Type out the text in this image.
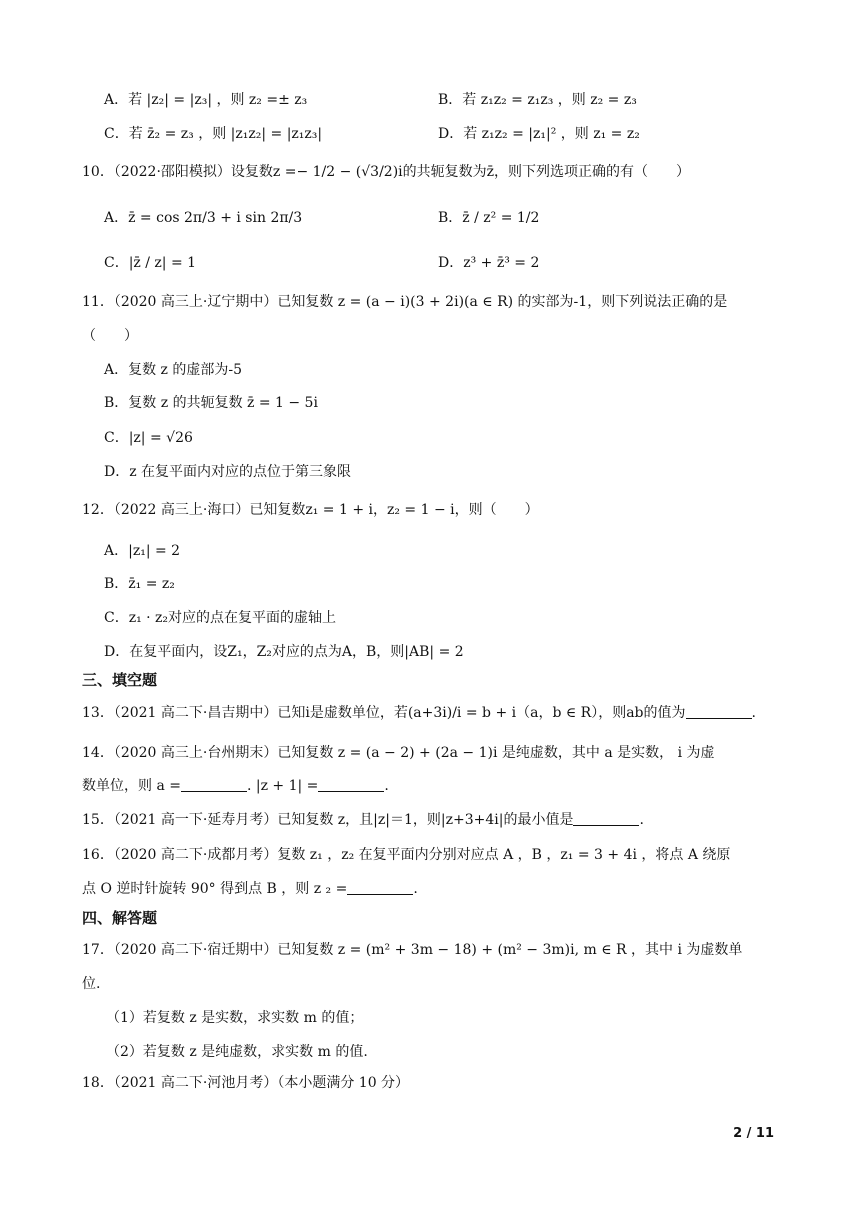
A．若 |z₂| = |z₃| ，则 z₂ =± z₃	B．若 z₁z₂ = z₁z₃ ，则 z₂ = z₃
C．若 z̄₂ = z₃ ，则 |z₁z₂| = |z₁z₃|	D．若 z₁z₂ = |z₁|² ，则 z₁ = z₂
10．（2022·邵阳模拟）设复数z =− 1/2 − (√3/2)i的共轭复数为z̄，则下列选项正确的有（　　）
A．z̄ = cos 2π/3 + i sin 2π/3	B．z̄ / z² = 1/2
C．|z̄ / z| = 1	D．z³ + z̄³ = 2
11．（2020 高三上·辽宁期中）已知复数 z = (a − i)(3 + 2i)(a ∈ R) 的实部为-1，则下列说法正确的是
（　　）
A．复数 z 的虚部为-5
B．复数 z 的共轭复数 z̄ = 1 − 5i
C．|z| = √26
D．z 在复平面内对应的点位于第三象限
12．（2022 高三上·海口）已知复数z₁ = 1 + i，z₂ = 1 − i，则（　　）
A．|z₁| = 2
B．z̄₁ = z₂
C．z₁ · z₂对应的点在复平面的虚轴上
D．在复平面内，设Z₁，Z₂对应的点为A，B，则|AB| = 2
三、填空题
13．（2021 高二下·昌吉期中）已知i是虚数单位，若(a+3i)/i = b + i（a，b ∈ R），则ab的值为	.
14．（2020 高三上·台州期末）已知复数 z = (a − 2) + (2a − 1)i 是纯虚数，其中 a 是实数， i 为虚
数单位，则 a =	. |z + 1| =	.
15．（2021 高一下·延寿月考）已知复数 z，且|z|＝1，则|z+3+4i|的最小值是	.
16．（2020 高二下·成都月考）复数 z₁ ，z₂ 在复平面内分别对应点 A ，B ，z₁ = 3 + 4i ，将点 A 绕原
点 O 逆时针旋转 90° 得到点 B ，则 z ₂ =	.
四、解答题
17．（2020 高二下·宿迁期中）已知复数 z = (m² + 3m − 18) + (m² − 3m)i, m ∈ R ，其中 i 为虚数单
位.
（1）若复数 z 是实数，求实数 m 的值；
（2）若复数 z 是纯虚数，求实数 m 的值.
18．（2021 高二下·河池月考）（本小题满分 10 分）
2 / 11
